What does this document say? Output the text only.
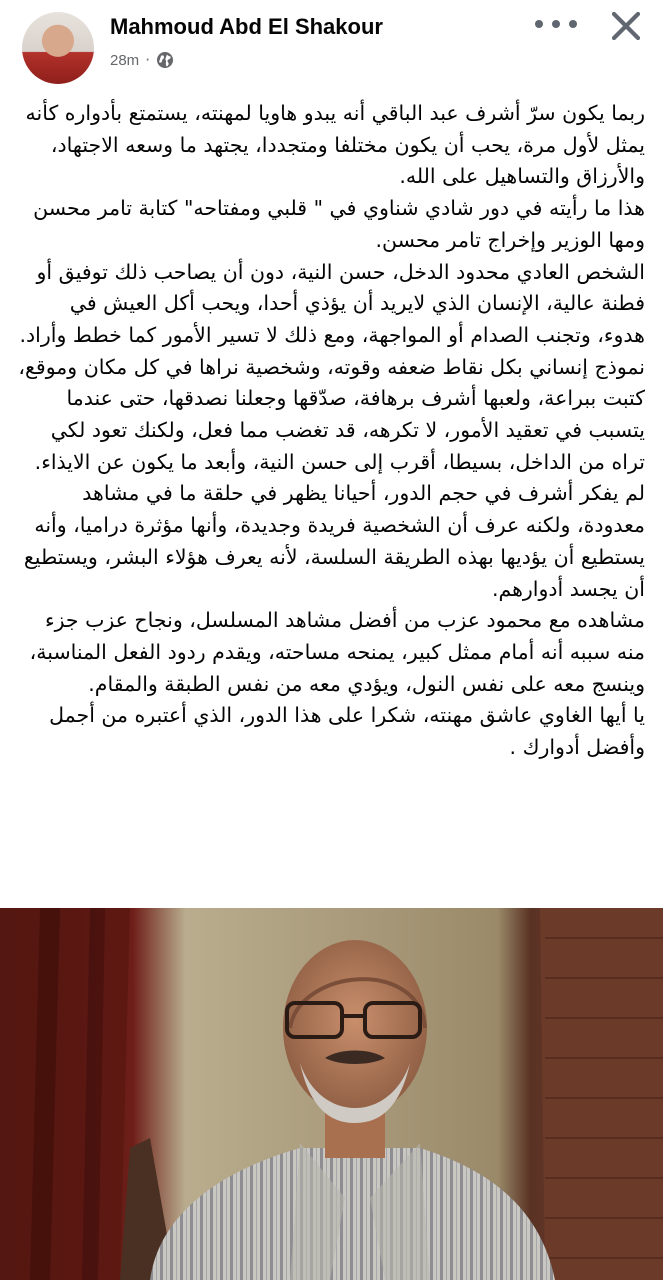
Mahmoud Abd El Shakour
28m ·

ربما يكون سرّ أشرف عبد الباقي أنه يبدو هاويا لمهنته، يستمتع بأدواره كأنه يمثل لأول مرة، يحب أن يكون مختلفا ومتجددا، يجتهد ما وسعه الاجتهاد، والأرزاق والتساهيل على الله.

هذا ما رأيته في دور شادي شناوي في " قلبي ومفتاحه" كتابة تامر محسن ومها الوزير وإخراج تامر محسن.

الشخص العادي محدود الدخل، حسن النية، دون أن يصاحب ذلك توفيق أو فطنة عالية، الإنسان الذي لايريد أن يؤذي أحدا، ويحب أكل العيش في هدوء، وتجنب الصدام أو المواجهة، ومع ذلك لا تسير الأمور كما خطط وأراد.

نموذج إنساني بكل نقاط ضعفه وقوته، وشخصية نراها في كل مكان وموقع، كتبت ببراعة، ولعبها أشرف برهافة، صدّقها وجعلنا نصدقها، حتى عندما يتسبب في تعقيد الأمور، لا تكرهه، قد تغضب مما فعل، ولكنك تعود لكي تراه من الداخل، بسيطا، أقرب إلى حسن النية، وأبعد ما يكون عن الايذاء.

لم يفكر أشرف في حجم الدور، أحيانا يظهر في حلقة ما في مشاهد معدودة، ولكنه عرف أن الشخصية فريدة وجديدة، وأنها مؤثرة دراميا، وأنه يستطيع أن يؤديها بهذه الطريقة السلسة، لأنه يعرف هؤلاء البشر، ويستطيع أن يجسد أدوارهم.

مشاهده مع محمود عزب من أفضل مشاهد المسلسل، ونجاح عزب جزء منه سببه أنه أمام ممثل كبير، يمنحه مساحته، ويقدم ردود الفعل المناسبة، وينسج معه على نفس النول، ويؤدي معه من نفس الطبقة والمقام.

يا أيها الغاوي عاشق مهنته، شكرا على هذا الدور، الذي أعتبره من أجمل وأفضل أدوارك .
